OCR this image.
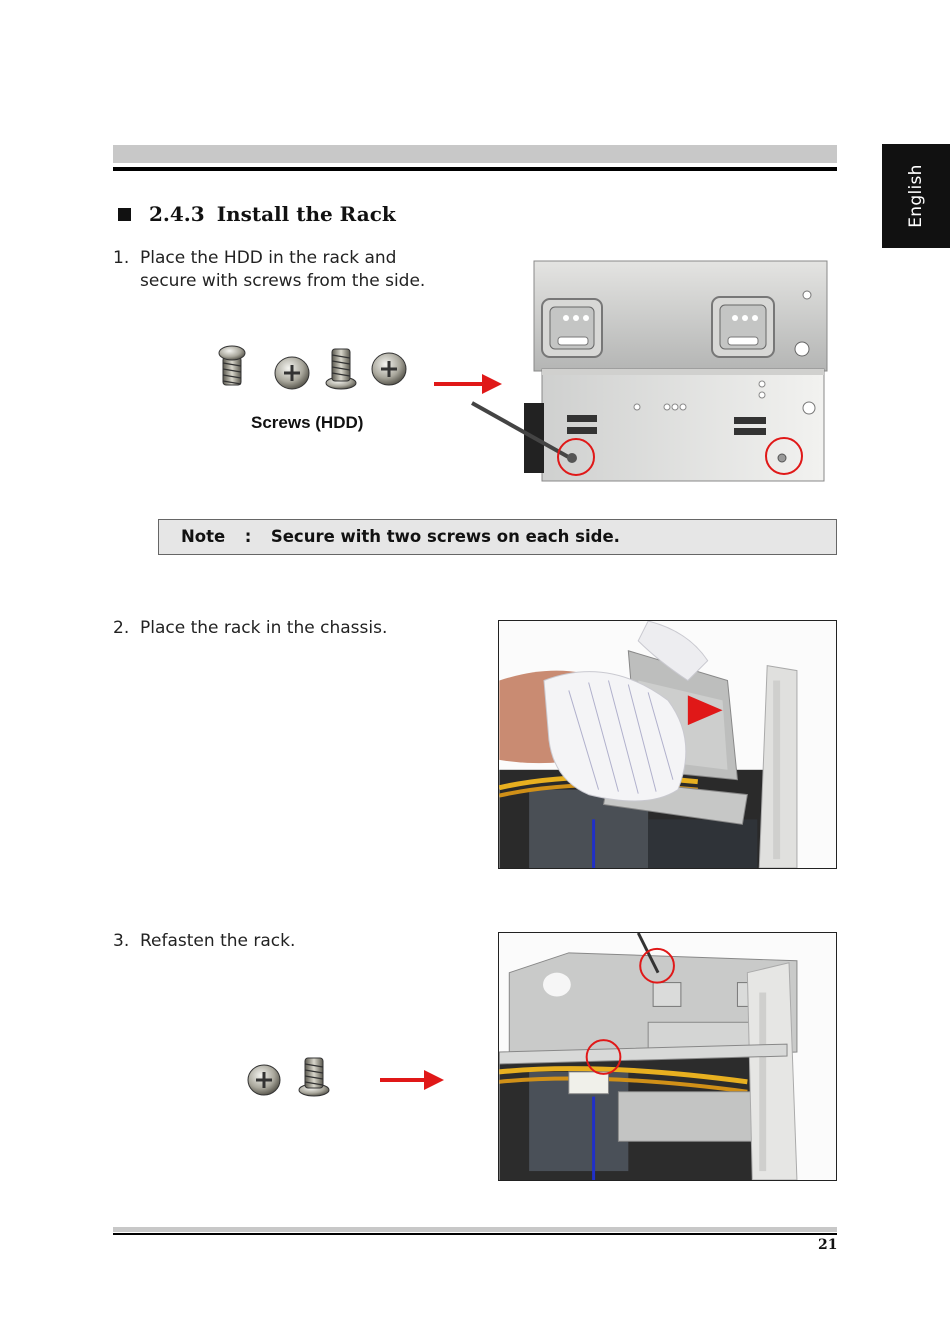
English
2.4.3 Install the Rack
1. Place the HDD in the rack and
secure with screws from the side.
Screws (HDD)
Note : Secure with two screws on each side.
2. Place the rack in the chassis.
3. Refasten the rack.
21
